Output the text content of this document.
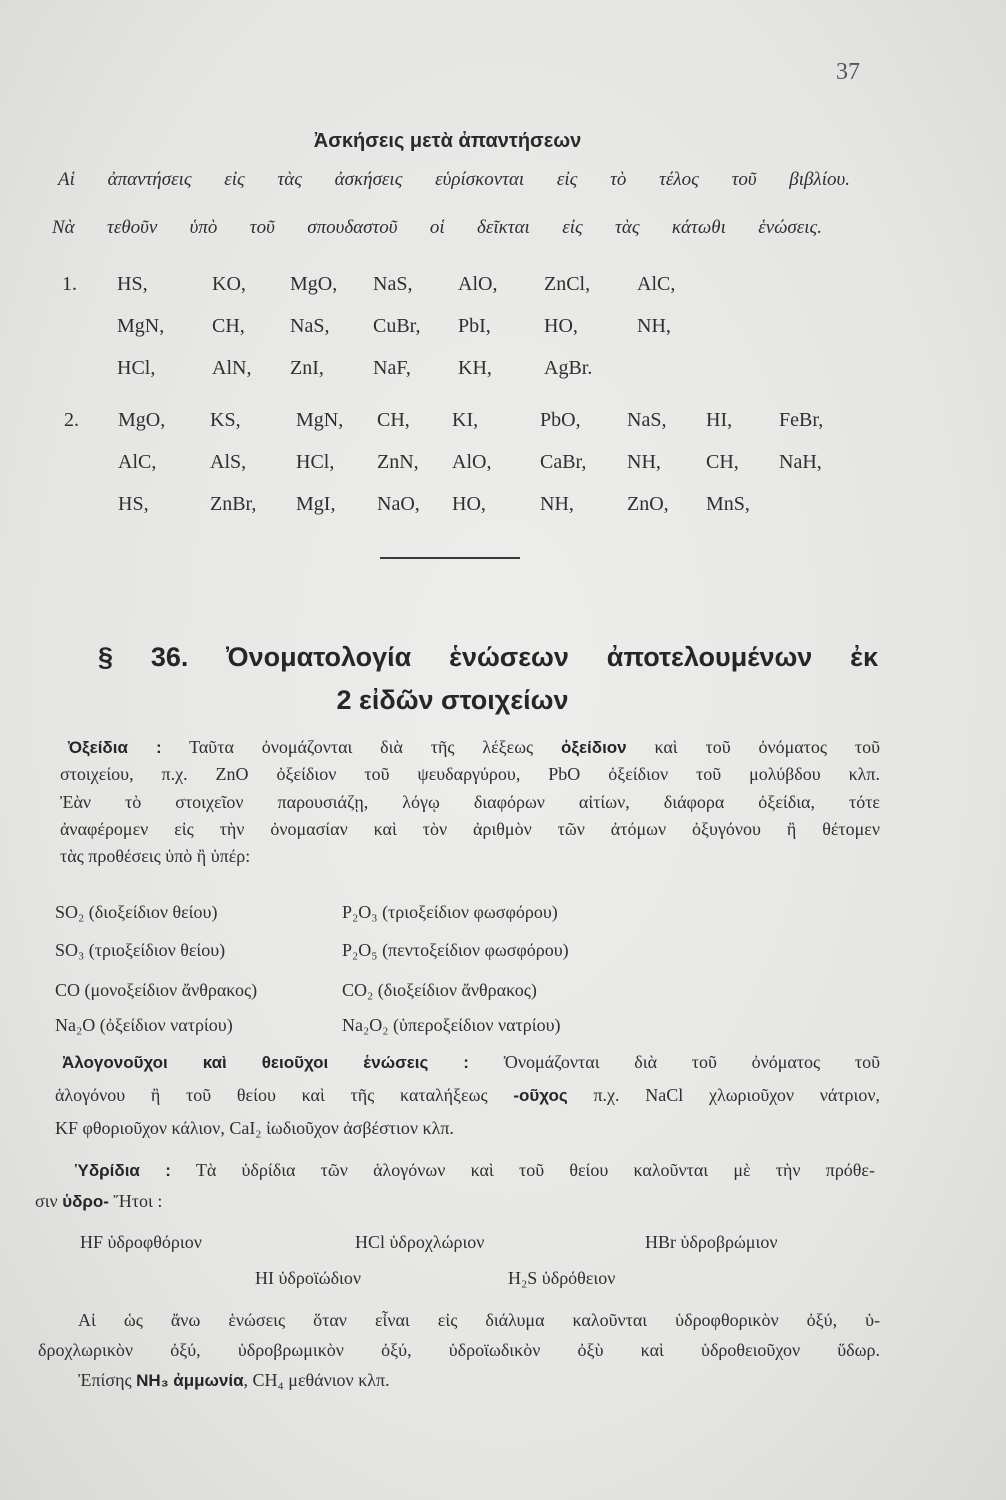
37
Ἀσκήσεις μετὰ ἀπαντήσεων
Αἱ ἀπαντήσεις εἰς τὰς ἀσκήσεις εὑρίσκονται εἰς τὸ τέλος τοῦ βιβλίου.
Νὰ τεθοῦν ὑπὸ τοῦ σπουδαστοῦ οἱ δεῖκται εἰς τὰς κάτωθι ἑνώσεις.
1. HS,	KO,	MgO,	NaS,	AlO,	ZnCl,	AlC,
MgN,	CH,	NaS,	CuBr,	PbI,	HO,	NH,
HCl,	AlN,	ZnI,	NaF,	KH,	AgBr.
2. MgO,	KS,	MgN,	CH,	KI,	PbO,	NaS,	HI,	FeBr,
AlC,	AlS,	HCl,	ZnN,	AlO,	CaBr,	NH,	CH,	NaH,
HS,	ZnBr,	MgI,	NaO,	HO,	NH,	ZnO,	MnS,
§ 36. Ὀνοματολογία ἑνώσεων ἀποτελουμένων ἐκ
2 εἰδῶν στοιχείων
Ὀξείδια : Ταῦτα ὀνομάζονται διὰ τῆς λέξεως ὀξείδιον καὶ τοῦ ὀνόματος τοῦ
στοιχείου, π.χ. ZnO ὀξείδιον τοῦ ψευδαργύρου, PbO ὀξείδιον τοῦ μολύβδου κλπ.
Ἐὰν τὸ στοιχεῖον παρουσιάζῃ, λόγῳ διαφόρων αἰτίων, διάφορα ὀξείδια, τότε
ἀναφέρομεν εἰς τὴν ὀνομασίαν καὶ τὸν ἀριθμὸν τῶν ἀτόμων ὀξυγόνου ἢ θέτομεν
τὰς προθέσεις ὑπὸ ἢ ὑπέρ:
SO₂ (διοξείδιον θείου)	P₂O₃ (τριοξείδιον φωσφόρου)
SO₃ (τριοξείδιον θείου)	P₂O₅ (πεντοξείδιον φωσφόρου)
CO (μονοξείδιον ἄνθρακος)	CO₂ (διοξείδιον ἄνθρακος)
Na₂O (ὀξείδιον νατρίου)	Na₂O₂ (ὑπεροξείδιον νατρίου)
Ἀλογονοῦχοι καὶ θειοῦχοι ἑνώσεις : Ὀνομάζονται διὰ τοῦ ὀνόματος τοῦ
ἁλογόνου ἢ τοῦ θείου καὶ τῆς καταλήξεως -οῦχος π.χ. NaCl χλωριοῦχον νάτριον,
KF φθοριοῦχον κάλιον, CaI₂ ἰωδιοῦχον ἀσβέστιον κλπ.
Ὑδρίδια : Τὰ ὑδρίδια τῶν ἁλογόνων καὶ τοῦ θείου καλοῦνται μὲ τὴν πρόθε-
σιν ὑδρο- Ἤτοι :
HF ὑδροφθόριον	HCl ὑδροχλώριον	HBr ὑδροβρώμιον
HI ὑδροϊώδιον	H₂S ὑδρόθειον
Αἱ ὡς ἄνω ἑνώσεις ὅταν εἶναι εἰς διάλυμα καλοῦνται ὑδροφθορικὸν ὀξύ, ὑ-
δροχλωρικὸν ὀξύ, ὑδροβρωμικὸν ὀξύ, ὑδροϊωδικὸν ὀξὺ καὶ ὑδροθειοῦχον ὕδωρ.
Ἐπίσης NH₃ ἀμμωνία, CH₄ μεθάνιον κλπ.
